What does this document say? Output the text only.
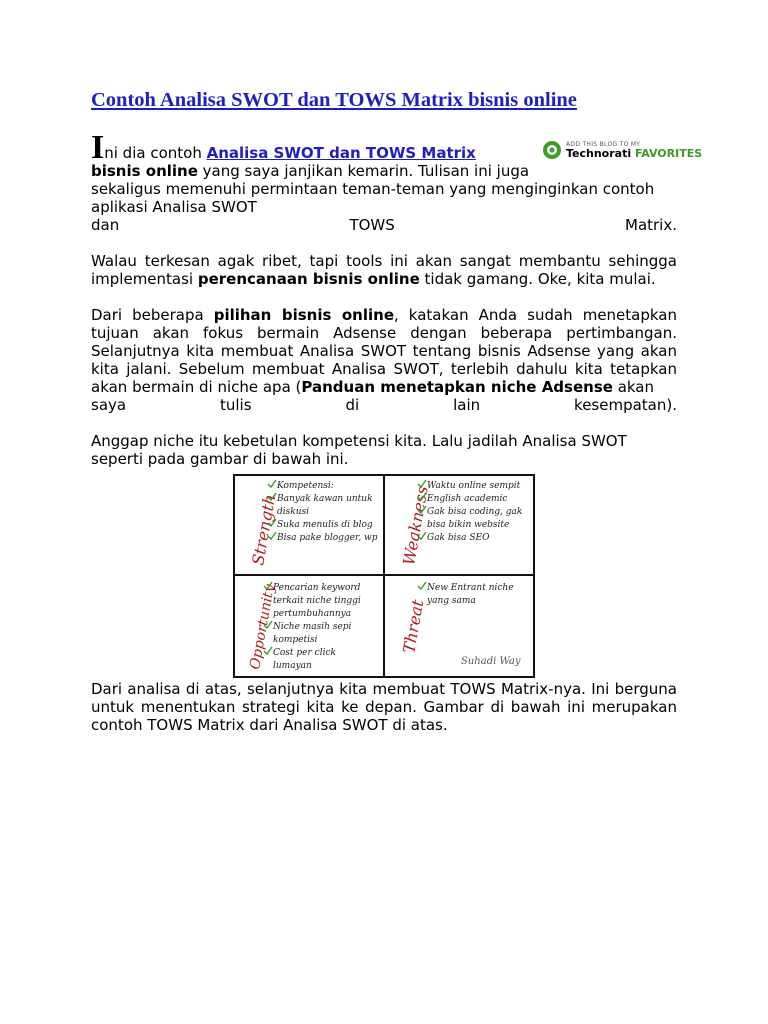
Contoh Analisa SWOT dan TOWS Matrix bisnis online

ADD THIS BLOG TO MY
Technorati FAVORITES
Ini dia contoh Analisa SWOT dan TOWS Matrix bisnis online yang saya janjikan kemarin. Tulisan ini juga sekaligus memenuhi permintaan teman-teman yang menginginkan contoh aplikasi Analisa SWOT

dan TOWS Matrix.

Walau terkesan agak ribet, tapi tools ini akan sangat membantu sehingga implementasi perencanaan bisnis online tidak gamang. Oke, kita mulai.

Dari beberapa pilihan bisnis online, katakan Anda sudah menetapkan tujuan akan fokus bermain Adsense dengan beberapa pertimbangan. Selanjutnya kita membuat Analisa SWOT tentang bisnis Adsense yang akan kita jalani. Sebelum membuat Analisa SWOT, terlebih dahulu kita tetapkan akan bermain di niche apa (Panduan menetapkan niche Adsense akan

saya tulis di lain kesempatan).

Anggap niche itu kebetulan kompetensi kita. Lalu jadilah Analisa SWOT seperti pada gambar di bawah ini.

Strength	Weakness
Opportunity	Threat
Kompetensi:
Banyak kawan untuk
diskusi
Suka menulis di blog
Bisa pake blogger, wp
Waktu online sempit
English academic
Gak bisa coding, gak
bisa bikin website
Gak bisa SEO
Pencarian keyword
terkait niche tinggi
pertumbuhannya
Niche masih sepi
kompetisi
Cost per click
lumayan
New Entrant niche
yang sama
Suhadi Way

Dari analisa di atas, selanjutnya kita membuat TOWS Matrix-nya. Ini berguna untuk menentukan strategi kita ke depan. Gambar di bawah ini merupakan contoh TOWS Matrix dari Analisa SWOT di atas.
